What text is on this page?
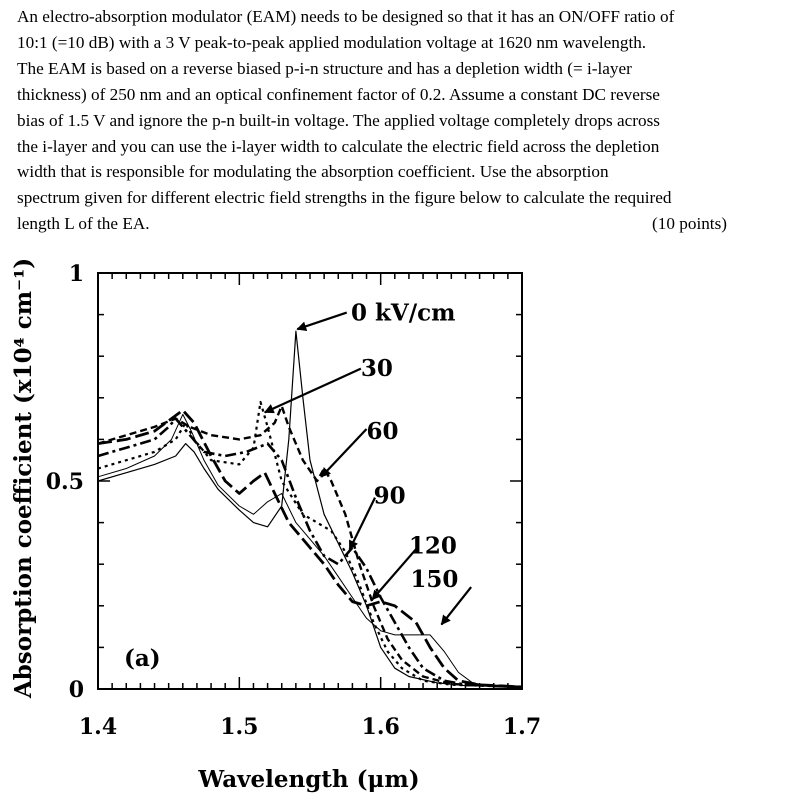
An electro-absorption modulator (EAM) needs to be designed so that it has an ON/OFF ratio of
10:1 (=10 dB) with a 3 V peak-to-peak applied modulation voltage at 1620 nm wavelength.
The EAM is based on a reverse biased p-i-n structure and has a depletion width (= i-layer
thickness) of 250 nm and an optical confinement factor of 0.2. Assume a constant DC reverse
bias of 1.5 V and ignore the p-n built-in voltage. The applied voltage completely drops across
the i-layer and you can use the i-layer width to calculate the electric field across the depletion
width that is responsible for modulating the absorption coefficient. Use the absorption
spectrum given for different electric field strengths in the figure below to calculate the required
length L of the EA.	(10 points)
0 kV/cm
30
60
90
120
150
1.4	1.5	1.6	1.7
0
0.5
1
Wavelength (μm)
Absorption coefficient (x10⁴ cm⁻¹)	(a)
